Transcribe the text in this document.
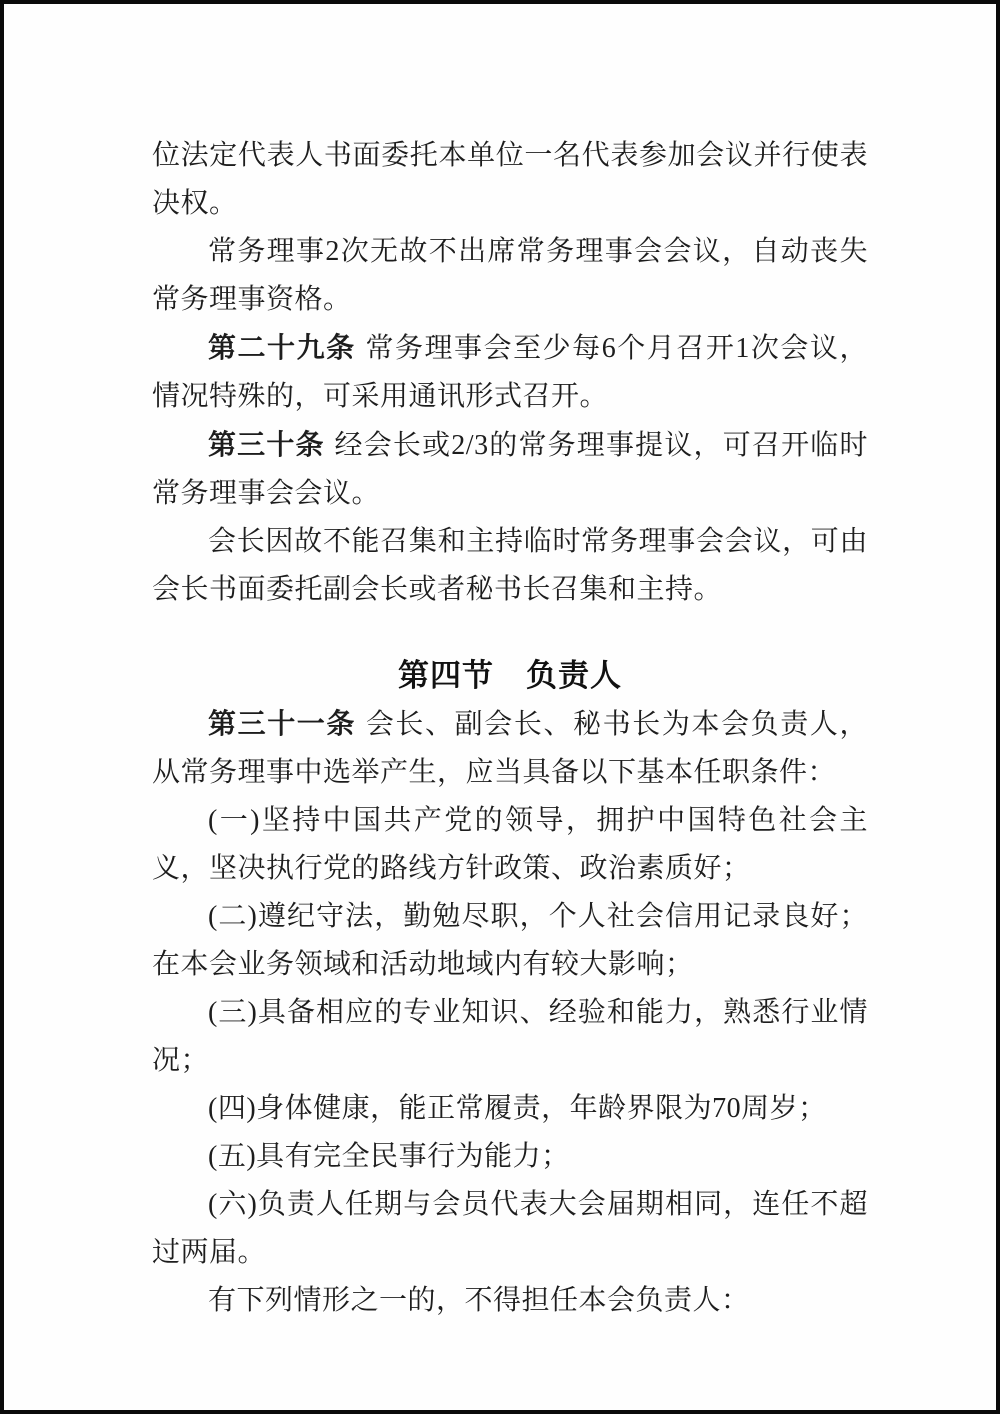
位法定代表人书面委托本单位一名代表参加会议并行使表决权。

常务理事2次无故不出席常务理事会会议，自动丧失常务理事资格。

第二十九条 常务理事会至少每6个月召开1次会议，情况特殊的，可采用通讯形式召开。

第三十条 经会长或2/3的常务理事提议，可召开临时常务理事会会议。

会长因故不能召集和主持临时常务理事会会议，可由会长书面委托副会长或者秘书长召集和主持。

第四节　负责人

第三十一条 会长、副会长、秘书长为本会负责人，从常务理事中选举产生，应当具备以下基本任职条件：

(一)坚持中国共产党的领导，拥护中国特色社会主义，坚决执行党的路线方针政策、政治素质好；

(二)遵纪守法，勤勉尽职，个人社会信用记录良好；在本会业务领域和活动地域内有较大影响；

(三)具备相应的专业知识、经验和能力，熟悉行业情况；

(四)身体健康，能正常履责，年龄界限为70周岁；

(五)具有完全民事行为能力；

(六)负责人任期与会员代表大会届期相同，连任不超过两届。

有下列情形之一的，不得担任本会负责人：
